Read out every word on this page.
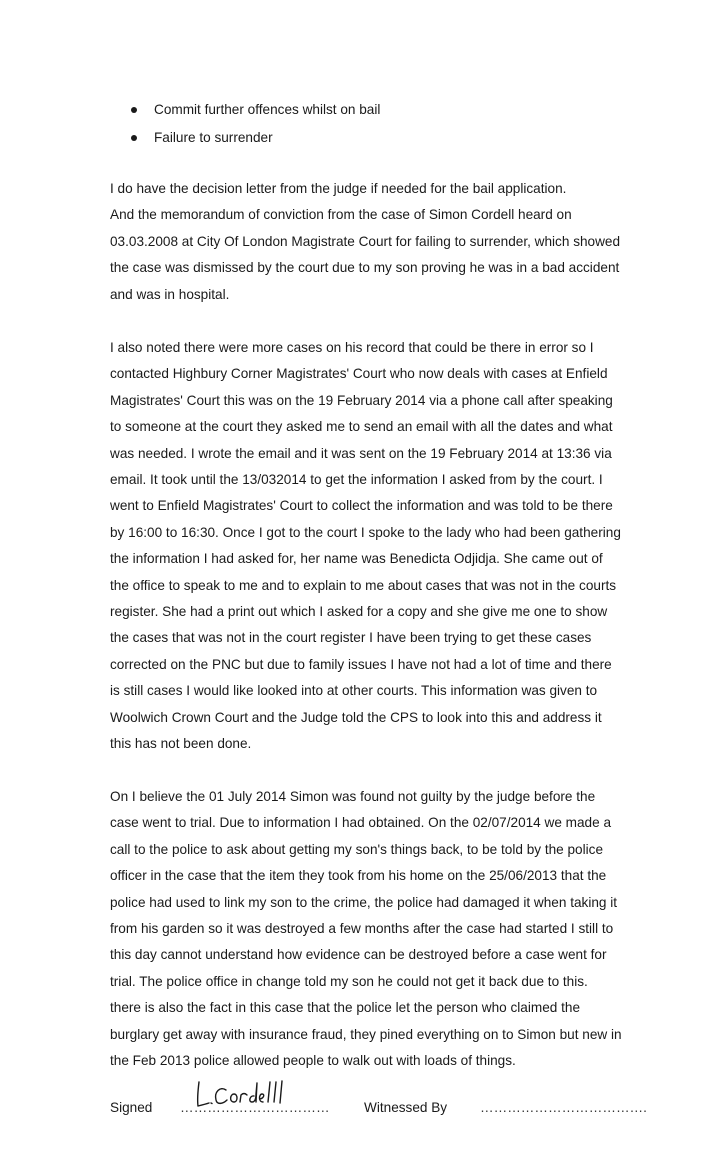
Commit further offences whilst on bail
Failure to surrender

I do have the decision letter from the judge if needed for the bail application.
And the memorandum of conviction from the case of Simon Cordell heard on
03.03.2008 at City Of London Magistrate Court for failing to surrender, which showed
the case was dismissed by the court due to my son proving he was in a bad accident
and was in hospital.

I also noted there were more cases on his record that could be there in error so I
contacted Highbury Corner Magistrates' Court who now deals with cases at Enfield
Magistrates' Court this was on the 19 February 2014 via a phone call after speaking
to someone at the court they asked me to send an email with all the dates and what
was needed. I wrote the email and it was sent on the 19 February 2014 at 13:36 via
email. It took until the 13/032014 to get the information I asked from by the court. I
went to Enfield Magistrates' Court to collect the information and was told to be there
by 16:00 to 16:30. Once I got to the court I spoke to the lady who had been gathering
the information I had asked for, her name was Benedicta Odjidja. She came out of
the office to speak to me and to explain to me about cases that was not in the courts
register. She had a print out which I asked for a copy and she give me one to show
the cases that was not in the court register I have been trying to get these cases
corrected on the PNC but due to family issues I have not had a lot of time and there
is still cases I would like looked into at other courts. This information was given to
Woolwich Crown Court and the Judge told the CPS to look into this and address it
this has not been done.

On I believe the 01 July 2014 Simon was found not guilty by the judge before the
case went to trial. Due to information I had obtained. On the 02/07/2014 we made a
call to the police to ask about getting my son's things back, to be told by the police
officer in the case that the item they took from his home on the 25/06/2013 that the
police had used to link my son to the crime, the police had damaged it when taking it
from his garden so it was destroyed a few months after the case had started I still to
this day cannot understand how evidence can be destroyed before a case went for
trial. The police office in change told my son he could not get it back due to this.
there is also the fact in this case that the police let the person who claimed the
burglary get away with insurance fraud, they pined everything on to Simon but new in
the Feb 2013 police allowed people to walk out with loads of things.

Signed ……………………………	Witnessed By ……………………………….
